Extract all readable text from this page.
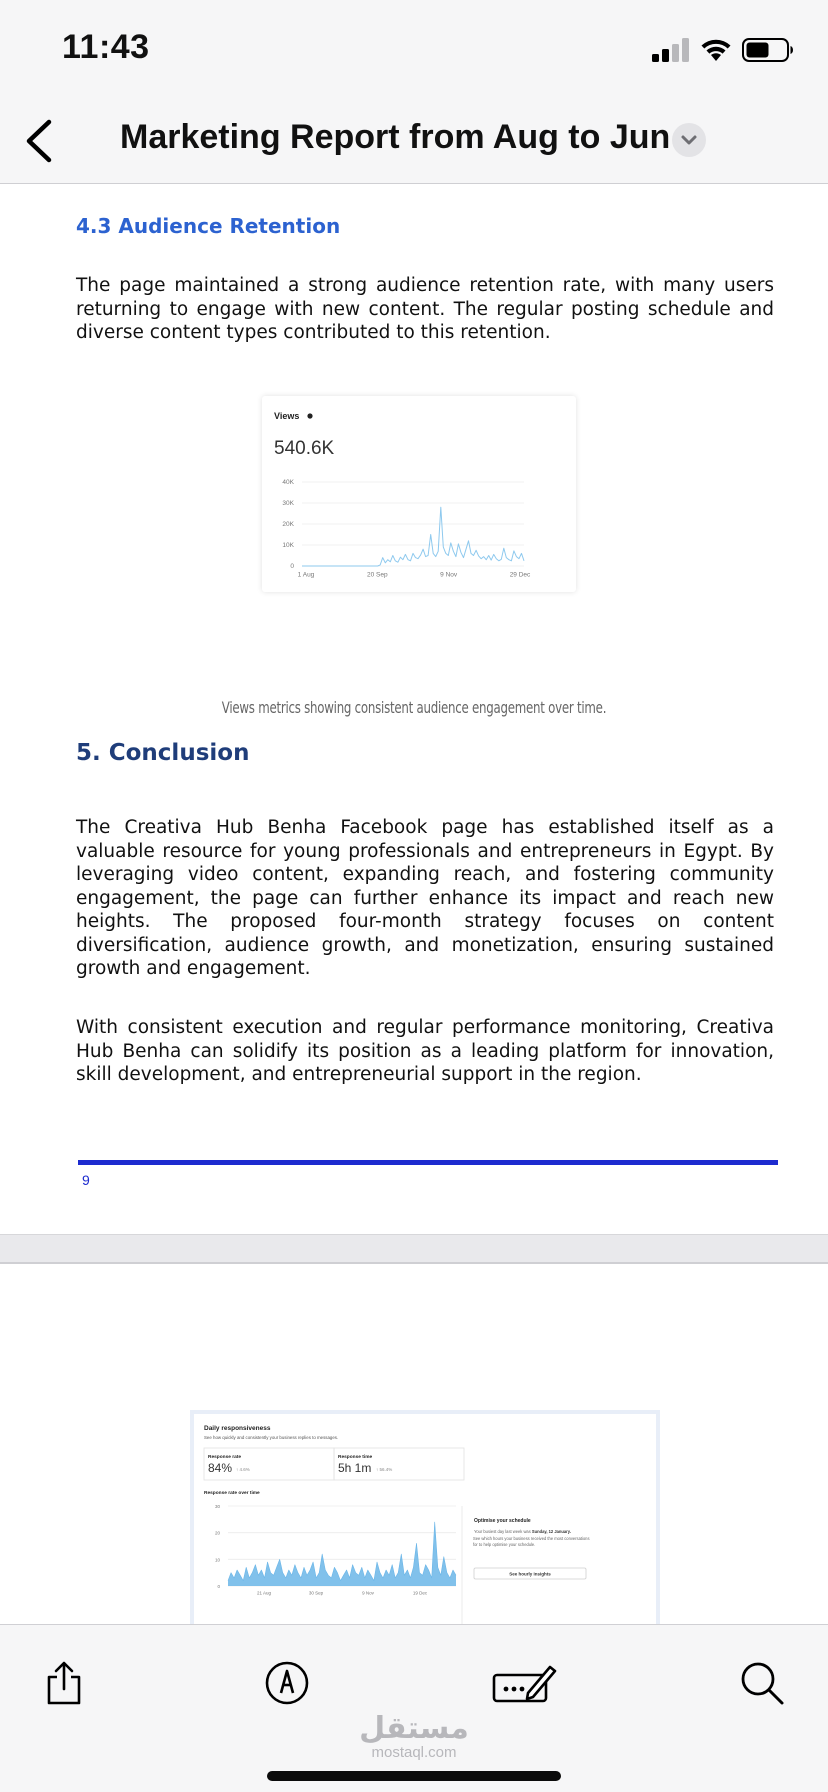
11:43
Marketing Report from Aug to Jun
4.3 Audience Retention
The page maintained a strong audience retention rate, with many users returning to engage with new content. The regular posting schedule and diverse content types contributed to this retention.
Views
540.6K
0
10K
20K
30K
40K
1 Aug	20 Sep	9 Nov	29 Dec
Views metrics showing consistent audience engagement over time.
5. Conclusion
The Creativa Hub Benha Facebook page has established itself as a valuable resource for young professionals and entrepreneurs in Egypt. By leveraging video content, expanding reach, and fostering community engagement, the page can further enhance its impact and reach new heights. The proposed four-month strategy focuses on content diversification, audience growth, and monetization, ensuring sustained growth and engagement.
With consistent execution and regular performance monitoring, Creativa Hub Benha can solidify its position as a leading platform for innovation, skill development, and entrepreneurial support in the region.
9
Daily responsiveness
See how quickly and consistently your business replies to messages.
Response rate
84% ↑ 4.6%
Response time
5h 1m ↑ 56.4%
Response rate over time
0
10
20
30
21 Aug	30 Sep	9 Nov	19 Dec
Optimise your schedule
Your busiest day last week was Sunday, 12 January.
See which hours your business received the most conversations for to help optimise your schedule.
See hourly insights
مستقل
mostaql.com
